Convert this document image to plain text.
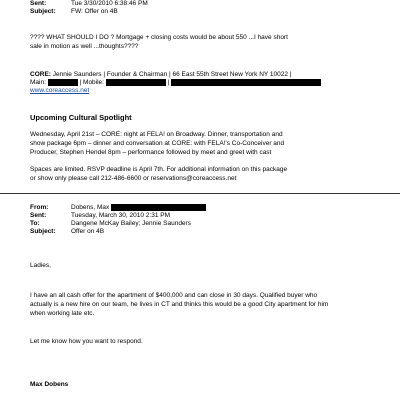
Sent:	Tue 3/30/2010 6:38:46 PM
Subject: FW: Offer on 4B
???? WHAT SHOULD I DO ? Mortgage + closing costs would be about 550 ...I have short
sale in motion as well ...thoughts????
CORE: Jennie Saunders | Founder & Chairman | 66 East 55th Street New York NY 10022 |
Main:	| Mobile:	|
www.coreaccess.net
Upcoming Cultural Spotlight
Wednesday, April 21st – CORE: night at FELA! on Broadway. Dinner, transportation and
show package 6pm – dinner and conversation at CORE: with FELA!'s Co-Conceiver and
Producer, Stephen Hendel 8pm – performance followed by meet and greet with cast
Spaces are limited. RSVP deadline is April 7th. For additional information on this package
or show only please call 212-486-6600 or reservations@coreaccess.net
From:	Dobens, Max
Sent:	Tuesday, March 30, 2010 2:31 PM
To:	Dangene McKay Bailey; Jennie Saunders
Subject: Offer on 4B
Ladies,
I have an all cash offer for the apartment of $400,000 and can close in 30 days. Qualified buyer who
actually is a new hire on our team, he lives in CT and thinks this would be a good City apartment for him
when working late etc.
Let me know how you want to respond.
Max Dobens
